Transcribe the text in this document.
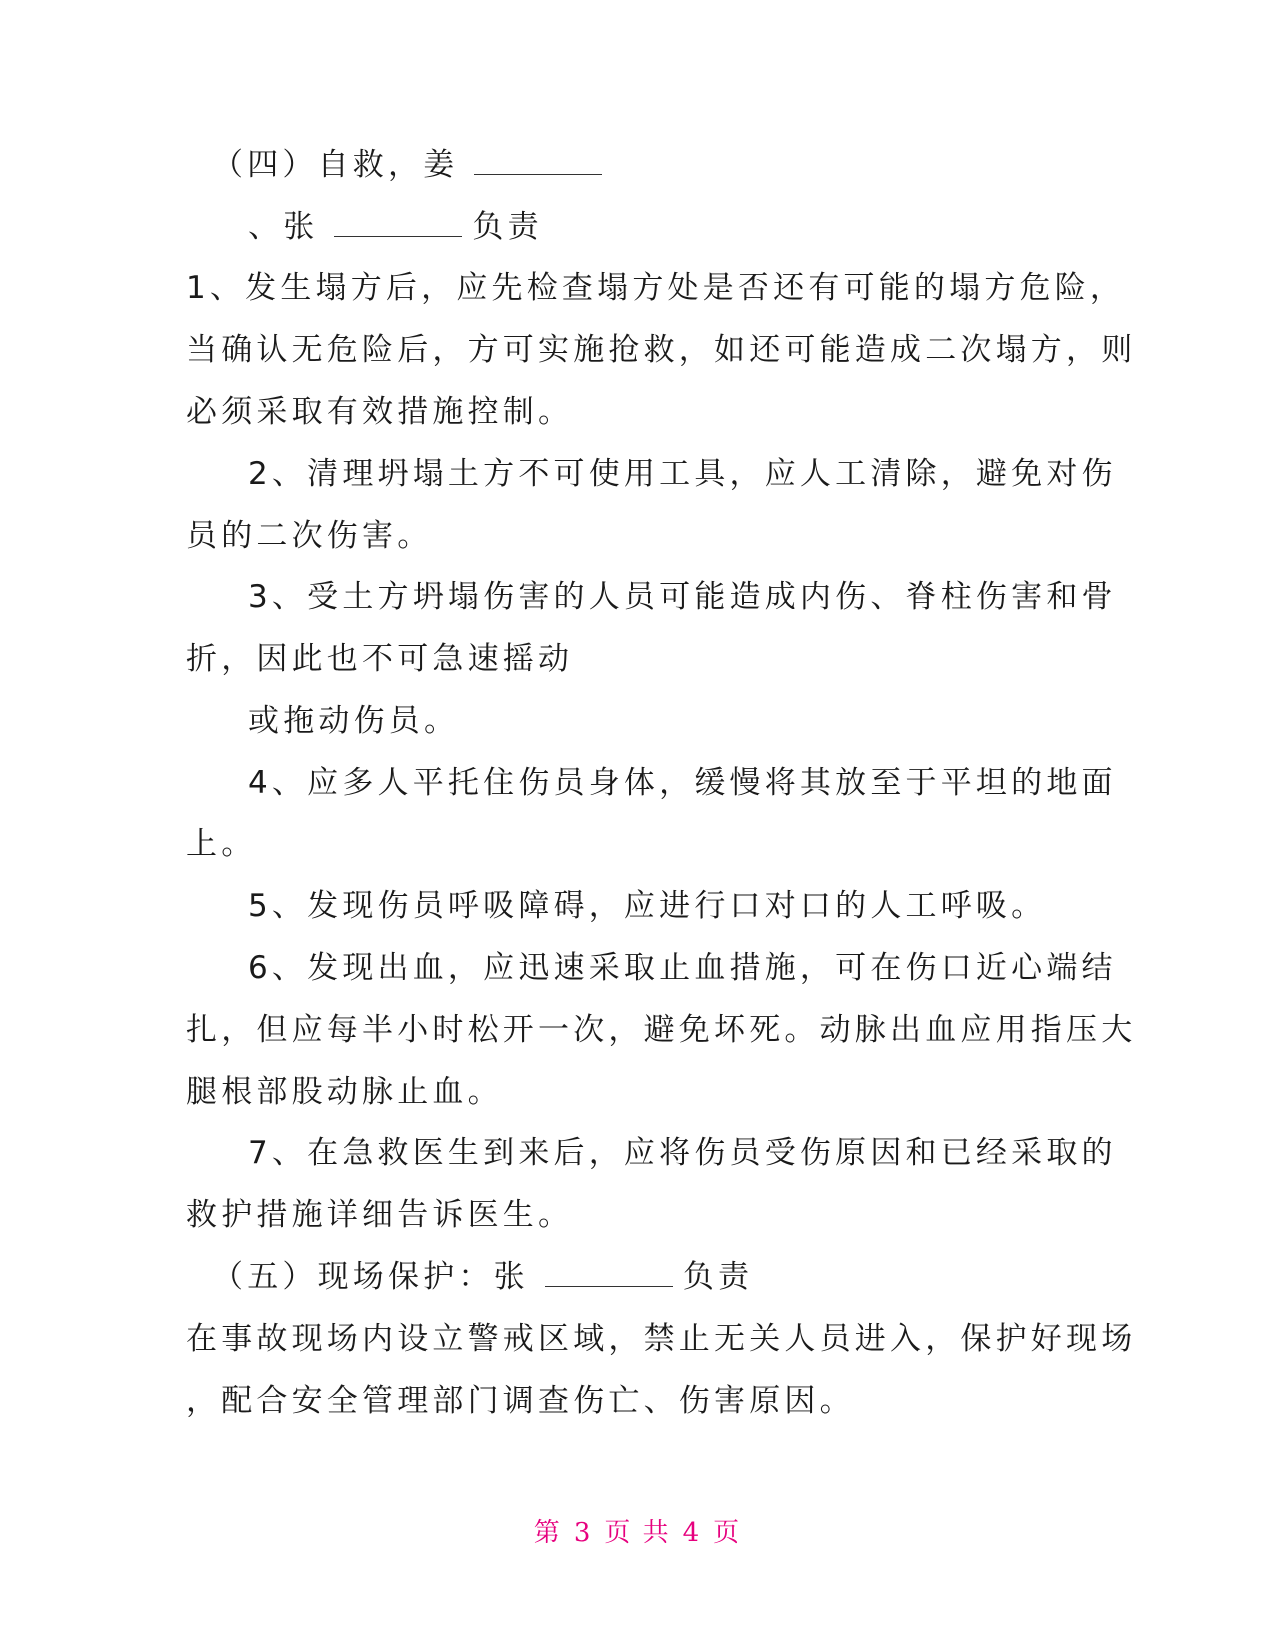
（四）自救，姜
、张	负责
1、发生塌方后，应先检查塌方处是否还有可能的塌方危险，
当确认无危险后，方可实施抢救，如还可能造成二次塌方，则
必须采取有效措施控制。
2、清理坍塌土方不可使用工具，应人工清除，避免对伤
员的二次伤害。
3、受土方坍塌伤害的人员可能造成内伤、脊柱伤害和骨
折，因此也不可急速摇动
或拖动伤员。
4、应多人平托住伤员身体，缓慢将其放至于平坦的地面
上。
5、发现伤员呼吸障碍，应进行口对口的人工呼吸。
6、发现出血，应迅速采取止血措施，可在伤口近心端结
扎，但应每半小时松开一次，避免坏死。动脉出血应用指压大
腿根部股动脉止血。
7、在急救医生到来后，应将伤员受伤原因和已经采取的
救护措施详细告诉医生。
（五）现场保护：张	负责
在事故现场内设立警戒区域，禁止无关人员进入，保护好现场
，配合安全管理部门调查伤亡、伤害原因。
第 3 页 共 4 页
